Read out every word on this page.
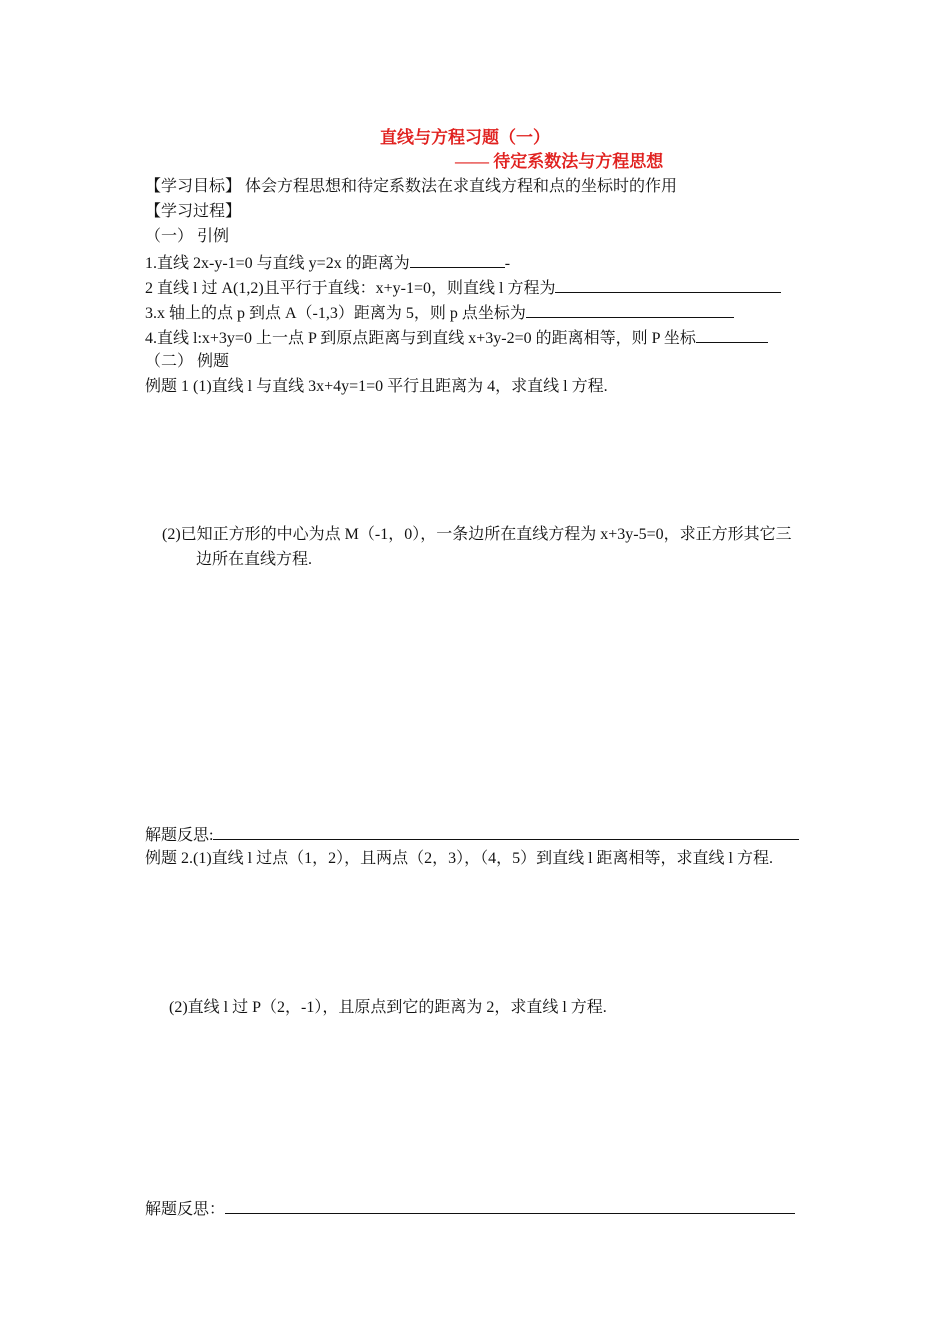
直线与方程习题（一）
—— 待定系数法与方程思想
【学习目标】 体会方程思想和待定系数法在求直线方程和点的坐标时的作用
【学习过程】
（一） 引例
1.直线 2x-y-1=0 与直线 y=2x 的距离为	-
2 直线 l 过 A(1,2)且平行于直线：x+y-1=0，则直线 l 方程为
3.x 轴上的点 p 到点 A（-1,3）距离为 5，则 p 点坐标为
4.直线 l:x+3y=0 上一点 P 到原点距离与到直线 x+3y-2=0 的距离相等，则 P 坐标
（二） 例题
例题 1 (1)直线 l 与直线 3x+4y=1=0 平行且距离为 4，求直线 l 方程.
(2)已知正方形的中心为点 M（-1，0），一条边所在直线方程为 x+3y-5=0，求正方形其它三
边所在直线方程.
解题反思:
例题 2.(1)直线 l 过点（1，2），且两点（2，3），（4，5）到直线 l 距离相等，求直线 l 方程.
(2)直线 l 过 P（2，-1），且原点到它的距离为 2，求直线 l 方程.
解题反思：
